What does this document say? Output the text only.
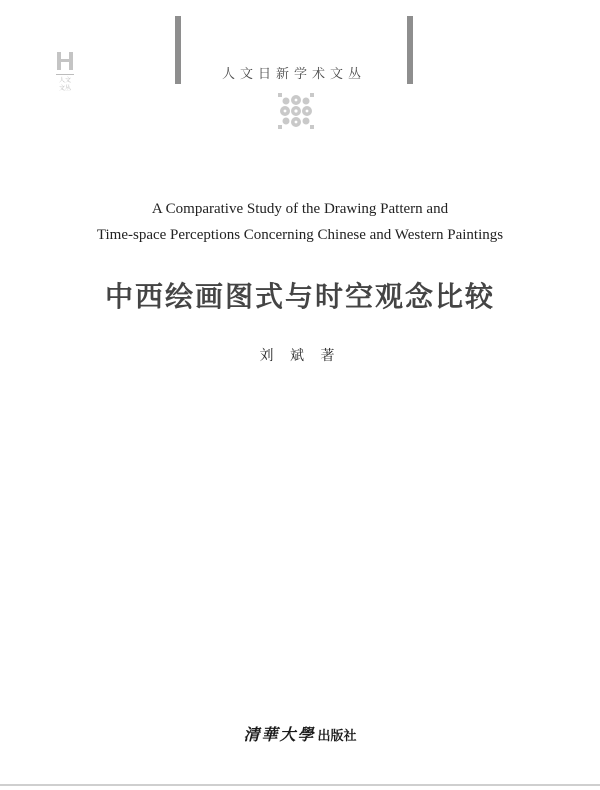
人文
文丛
人文日新学术文丛
A Comparative Study of the Drawing Pattern and
Time-space Perceptions Concerning Chinese and Western Paintings
中西绘画图式与时空观念比较
刘 斌 著
清華大學 出版社
